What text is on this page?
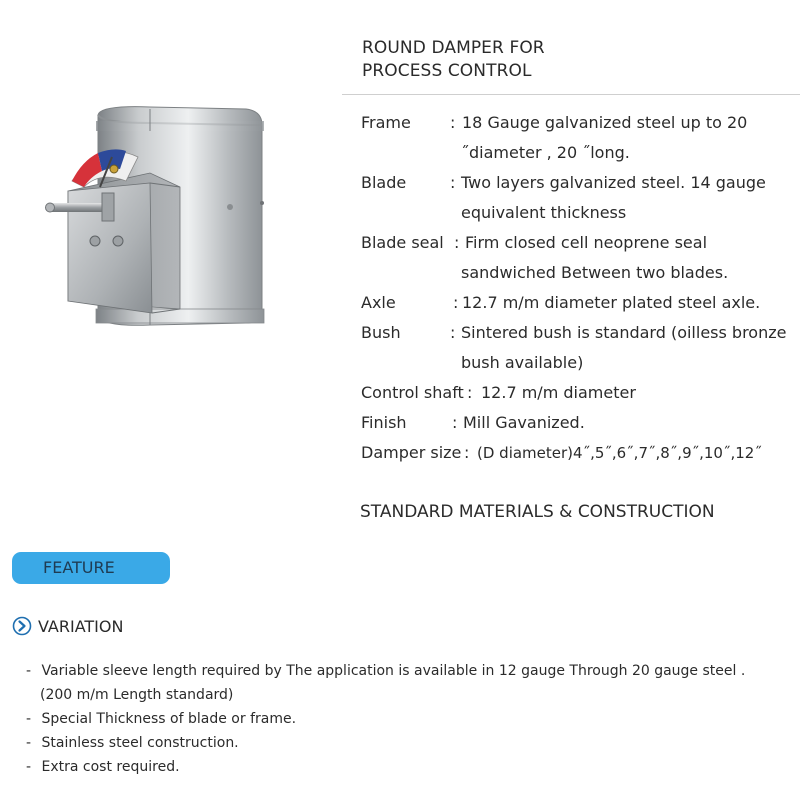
ROUND DAMPER FOR
PROCESS CONTROL
Frame : 18 Gauge galvanized steel up to 20
˝diameter , 20 ˝long.
Blade	: Two layers galvanized steel. 14 gauge
equivalent thickness
Blade seal : Firm closed cell neoprene seal
sandwiched Between two blades.
Axle	: 12.7 m/m diameter plated steel axle.
Bush	: Sintered bush is standard (oilless bronze
bush available)
Control shaft : 12.7 m/m diameter
Finish	: Mill Gavanized.
Damper size : (D diameter)4˝,5˝,6˝,7˝,8˝,9˝,10˝,12˝
STANDARD MATERIALS & CONSTRUCTION
FEATURE
VARIATION
- Variable sleeve length required by The application is available in 12 gauge Through 20 gauge steel .
(200 m/m Length standard)
- Special Thickness of blade or frame.
- Stainless steel construction.
- Extra cost required.
